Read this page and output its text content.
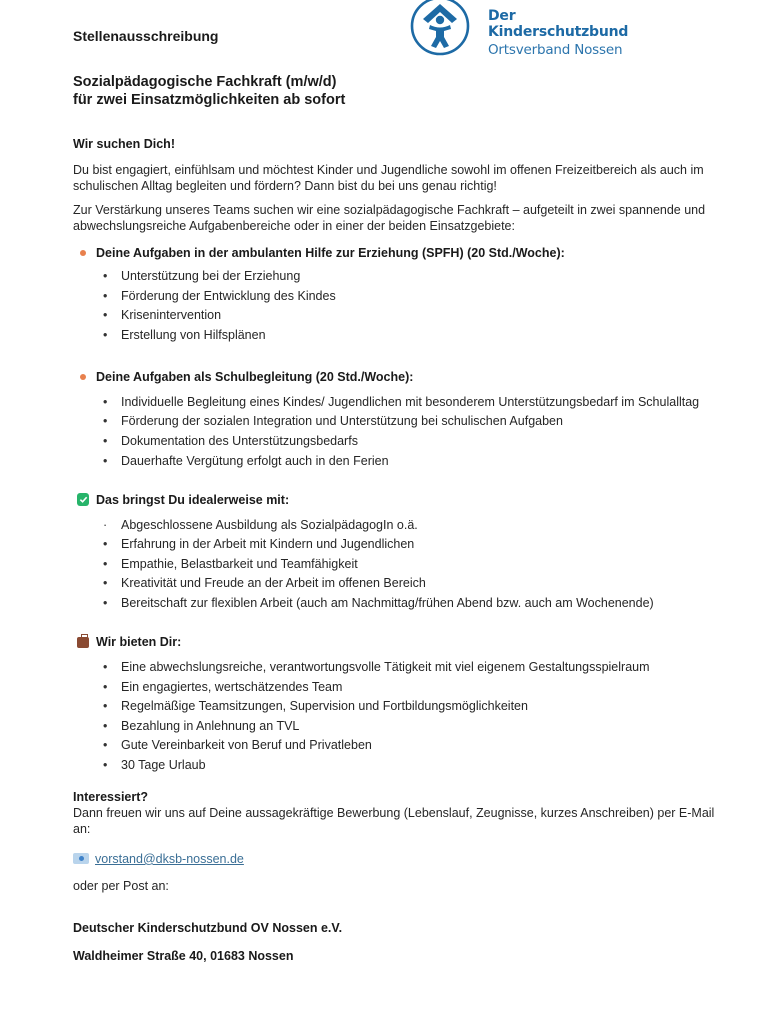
Stellenausschreibung
Der Kinderschutzbund
Ortsverband Nossen
Sozialpädagogische Fachkraft (m/w/d)
für zwei Einsatzmöglichkeiten ab sofort
Wir suchen Dich!

Du bist engagiert, einfühlsam und möchtest Kinder und Jugendliche sowohl im offenen Freizeitbereich als auch im schulischen Alltag begleiten und fördern? Dann bist du bei uns genau richtig!

Zur Verstärkung unseres Teams suchen wir eine sozialpädagogische Fachkraft – aufgeteilt in zwei spannende und abwechslungsreiche Aufgabenbereiche oder in einer der beiden Einsatzgebiete:

Deine Aufgaben in der ambulanten Hilfe zur Erziehung (SPFH) (20 Std./Woche):
• Unterstützung bei der Erziehung
• Förderung der Entwicklung des Kindes
• Krisenintervention
• Erstellung von Hilfsplänen
Deine Aufgaben als Schulbegleitung (20 Std./Woche):
• Individuelle Begleitung eines Kindes/ Jugendlichen mit besonderem Unterstützungsbedarf im Schulalltag
• Förderung der sozialen Integration und Unterstützung bei schulischen Aufgaben
• Dokumentation des Unterstützungsbedarfs
• Dauerhafte Vergütung erfolgt auch in den Ferien
Das bringst Du idealerweise mit:
· Abgeschlossene Ausbildung als SozialpädagogIn o.ä.
• Erfahrung in der Arbeit mit Kindern und Jugendlichen
• Empathie, Belastbarkeit und Teamfähigkeit
• Kreativität und Freude an der Arbeit im offenen Bereich
• Bereitschaft zur flexiblen Arbeit (auch am Nachmittag/frühen Abend bzw. auch am Wochenende)
Wir bieten Dir:
• Eine abwechslungsreiche, verantwortungsvolle Tätigkeit mit viel eigenem Gestaltungsspielraum
• Ein engagiertes, wertschätzendes Team
• Regelmäßige Teamsitzungen, Supervision und Fortbildungsmöglichkeiten
• Bezahlung in Anlehnung an TVL
• Gute Vereinbarkeit von Beruf und Privatleben
• 30 Tage Urlaub
Interessiert?

Dann freuen wir uns auf Deine aussagekräftige Bewerbung (Lebenslauf, Zeugnisse, kurzes Anschreiben) per E-Mail an:

vorstand@dksb-nossen.de

oder per Post an:

Deutscher Kinderschutzbund OV Nossen e.V.
Waldheimer Straße 40, 01683 Nossen
